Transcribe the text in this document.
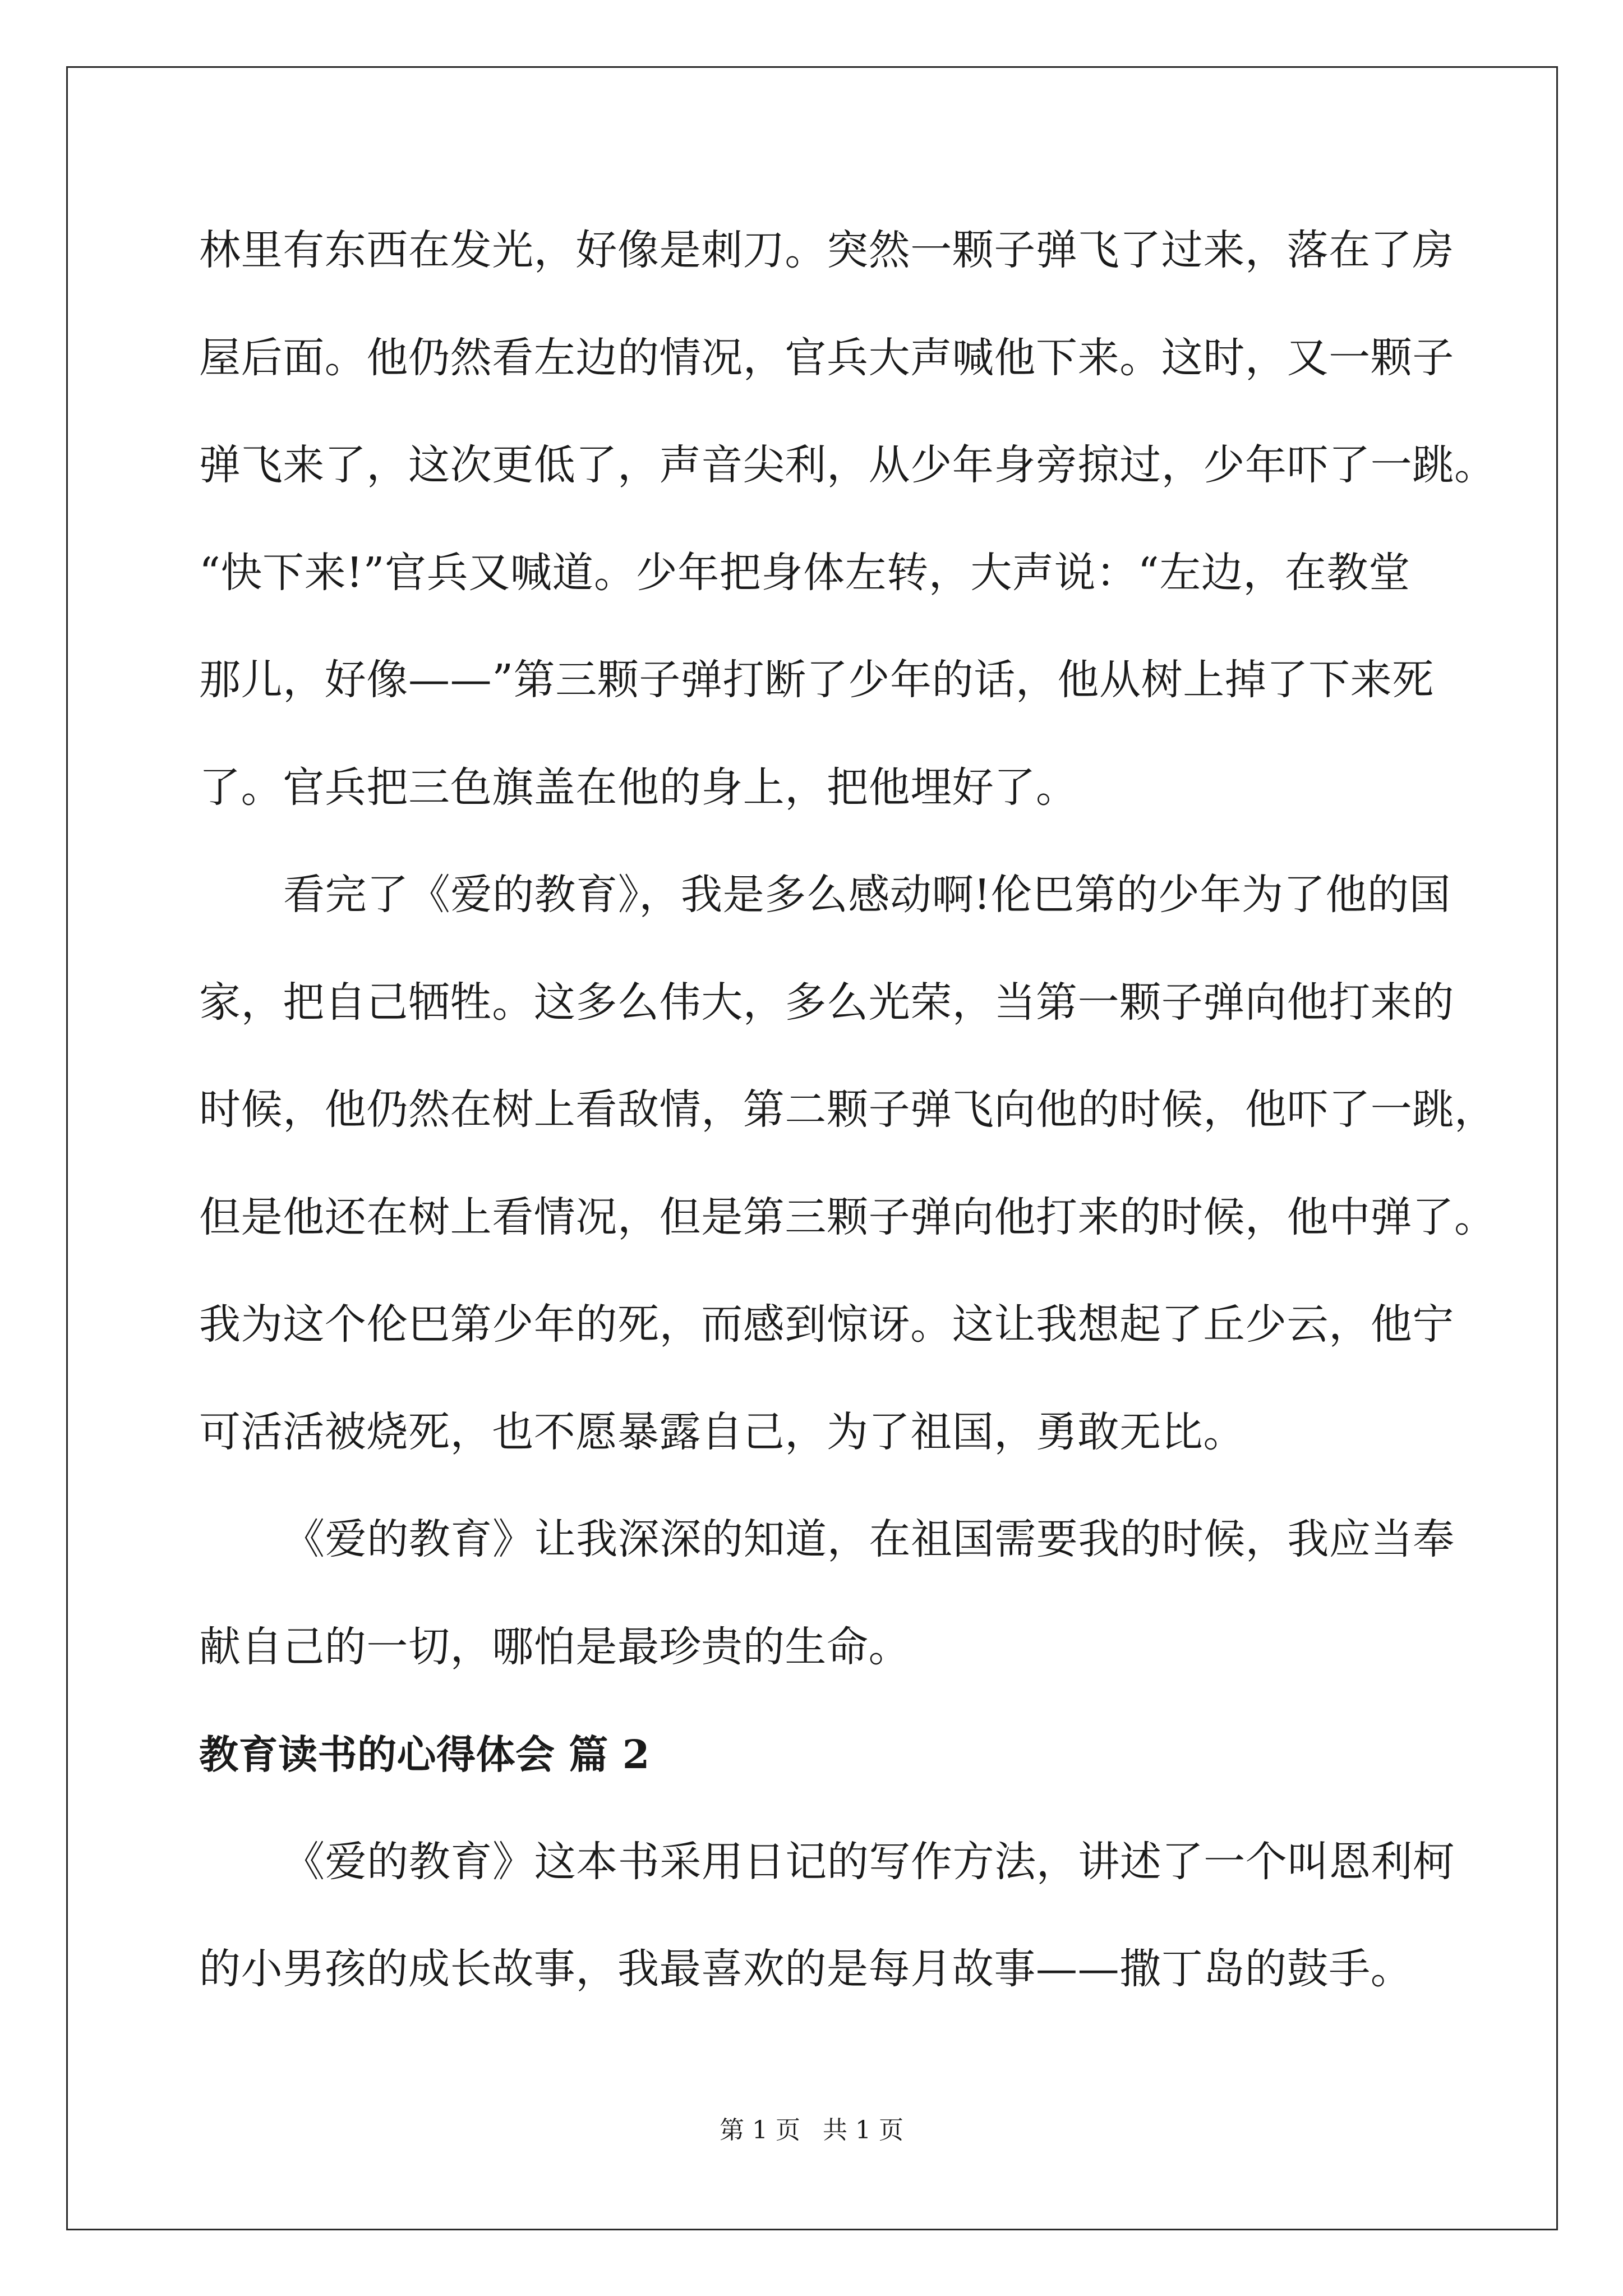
林里有东西在发光，好像是刺刀。突然一颗子弹飞了过来，落在了房
屋后面。他仍然看左边的情况，官兵大声喊他下来。这时，又一颗子
弹飞来了，这次更低了，声音尖利，从少年身旁掠过，少年吓了一跳。
“快下来!”官兵又喊道。少年把身体左转，大声说：“左边，在教堂
那儿，好像——”第三颗子弹打断了少年的话，他从树上掉了下来死
了。官兵把三色旗盖在他的身上，把他埋好了。

看完了《爱的教育》，我是多么感动啊!伦巴第的少年为了他的国
家，把自己牺牲。这多么伟大，多么光荣，当第一颗子弹向他打来的
时候，他仍然在树上看敌情，第二颗子弹飞向他的时候，他吓了一跳，
但是他还在树上看情况，但是第三颗子弹向他打来的时候，他中弹了。
我为这个伦巴第少年的死，而感到惊讶。这让我想起了丘少云，他宁
可活活被烧死，也不愿暴露自己，为了祖国，勇敢无比。

《爱的教育》让我深深的知道，在祖国需要我的时候，我应当奉
献自己的一切，哪怕是最珍贵的生命。

教育读书的心得体会 篇 2

《爱的教育》这本书采用日记的写作方法，讲述了一个叫恩利柯
的小男孩的成长故事，我最喜欢的是每月故事——撒丁岛的鼓手。

第 1 页 共 1 页
